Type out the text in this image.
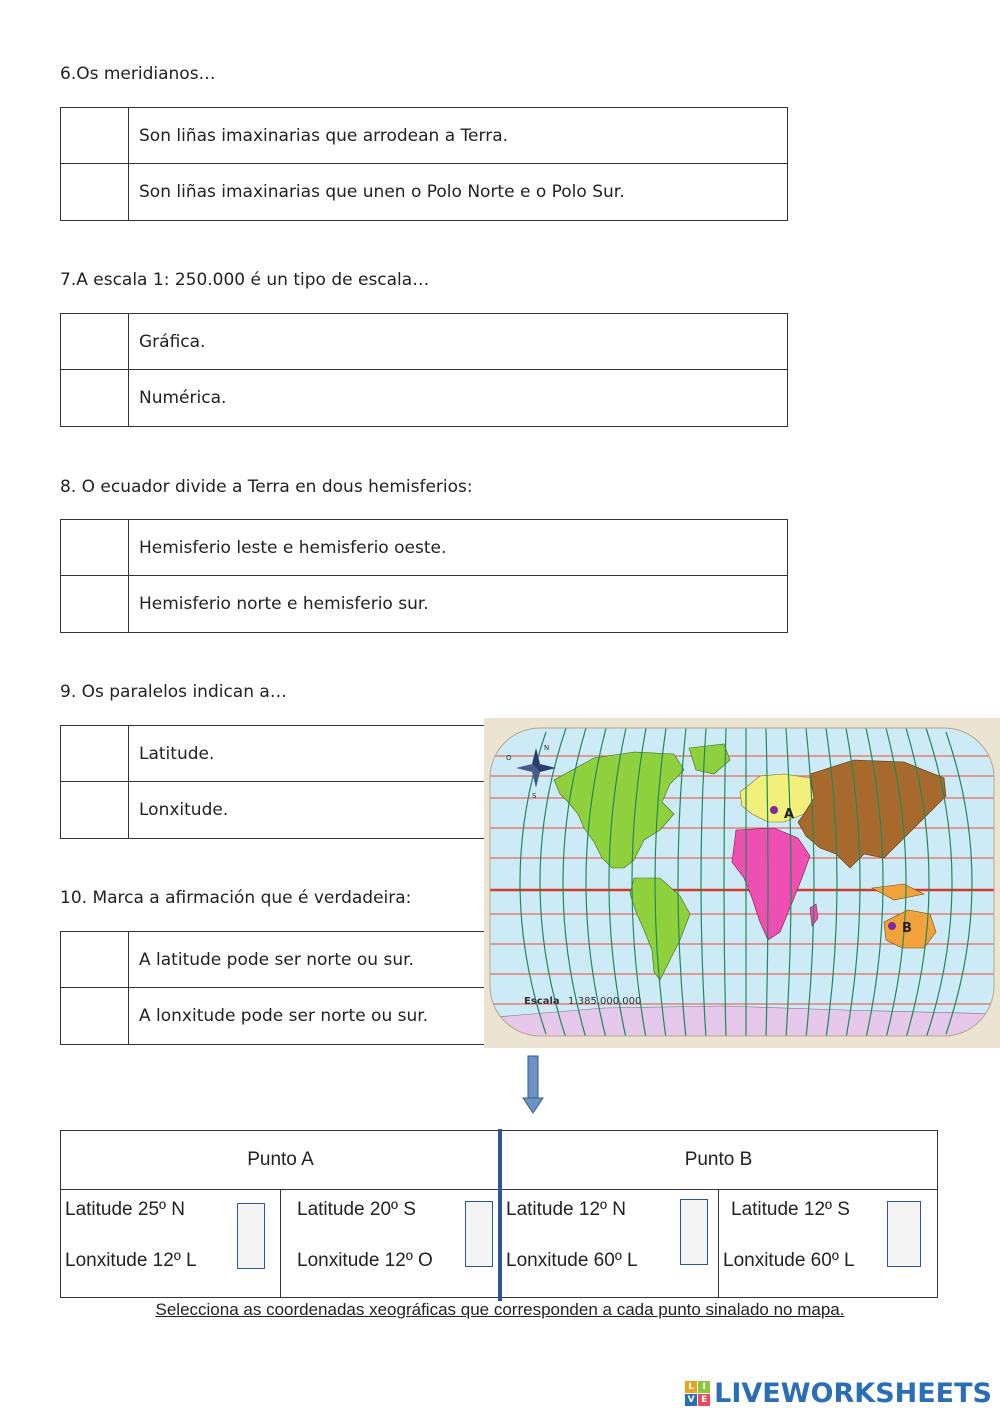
6.Os meridianos…
	Son liñas imaxinarias que arrodean a Terra.
	Son liñas imaxinarias que unen o Polo Norte e o Polo Sur.
7.A escala 1: 250.000 é un tipo de escala…
	Gráfica.
	Numérica.
8. O ecuador divide a Terra en dous hemisferios:
	Hemisferio leste e hemisferio oeste.
	Hemisferio norte e hemisferio sur.
9. Os paralelos indican a…
	Latitude.
	Lonxitude.
10. Marca a afirmación que é verdadeira:
	A latitude pode ser norte ou sur.
	A lonxitude pode ser norte ou sur.
N
S
O
A
B
Escala 1:385.000.000
Punto A	Punto B
Latitude 25º N
Lonxitude 12º L
Latitude 20º S
Lonxitude 12º O
Latitude 12º N
Lonxitude 60º L
Latitude 12º S
Lonxitude 60º L
Selecciona as coordenadas xeográficas que corresponden a cada punto sinalado no mapa.
L I
V E LIVEWORKSHEETS
